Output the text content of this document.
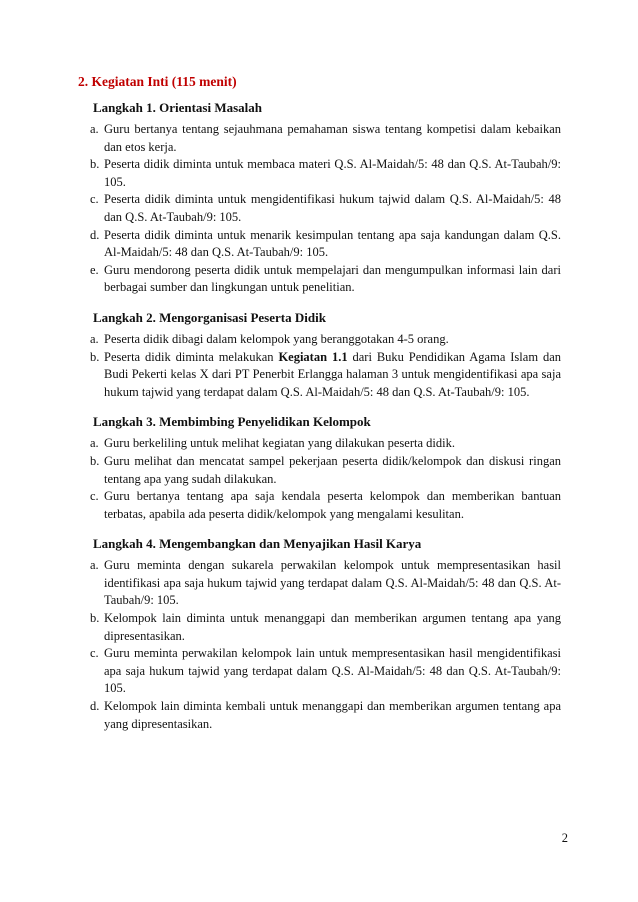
2. Kegiatan Inti (115 menit)
Langkah 1. Orientasi Masalah
a. Guru bertanya tentang sejauhmana pemahaman siswa tentang kompetisi dalam kebaikan dan etos kerja.
b. Peserta didik diminta untuk membaca materi Q.S. Al-Maidah/5: 48 dan Q.S. At-Taubah/9: 105.
c. Peserta didik diminta untuk mengidentifikasi hukum tajwid dalam Q.S. Al-Maidah/5: 48 dan Q.S. At-Taubah/9: 105.
d. Peserta didik diminta untuk menarik kesimpulan tentang apa saja kandungan dalam Q.S. Al-Maidah/5: 48 dan Q.S. At-Taubah/9: 105.
e. Guru mendorong peserta didik untuk mempelajari dan mengumpulkan informasi lain dari berbagai sumber dan lingkungan untuk penelitian.
Langkah 2. Mengorganisasi Peserta Didik
a. Peserta didik dibagi dalam kelompok yang beranggotakan 4-5 orang.
b. Peserta didik diminta melakukan Kegiatan 1.1 dari Buku Pendidikan Agama Islam dan Budi Pekerti kelas X dari PT Penerbit Erlangga halaman 3 untuk mengidentifikasi apa saja hukum tajwid yang terdapat dalam Q.S. Al-Maidah/5: 48 dan Q.S. At-Taubah/9: 105.
Langkah 3. Membimbing Penyelidikan Kelompok
a. Guru berkeliling untuk melihat kegiatan yang dilakukan peserta didik.
b. Guru melihat dan mencatat sampel pekerjaan peserta didik/kelompok dan diskusi ringan tentang apa yang sudah dilakukan.
c. Guru bertanya tentang apa saja kendala peserta kelompok dan memberikan bantuan terbatas, apabila ada peserta didik/kelompok yang mengalami kesulitan.
Langkah 4. Mengembangkan dan Menyajikan Hasil Karya
a. Guru meminta dengan sukarela perwakilan kelompok untuk mempresentasikan hasil identifikasi apa saja hukum tajwid yang terdapat dalam Q.S. Al-Maidah/5: 48 dan Q.S. At-Taubah/9: 105.
b. Kelompok lain diminta untuk menanggapi dan memberikan argumen tentang apa yang dipresentasikan.
c. Guru meminta perwakilan kelompok lain untuk mempresentasikan hasil mengidentifikasi apa saja hukum tajwid yang terdapat dalam Q.S. Al-Maidah/5: 48 dan Q.S. At-Taubah/9: 105.
d. Kelompok lain diminta kembali untuk menanggapi dan memberikan argumen tentang apa yang dipresentasikan.
2
